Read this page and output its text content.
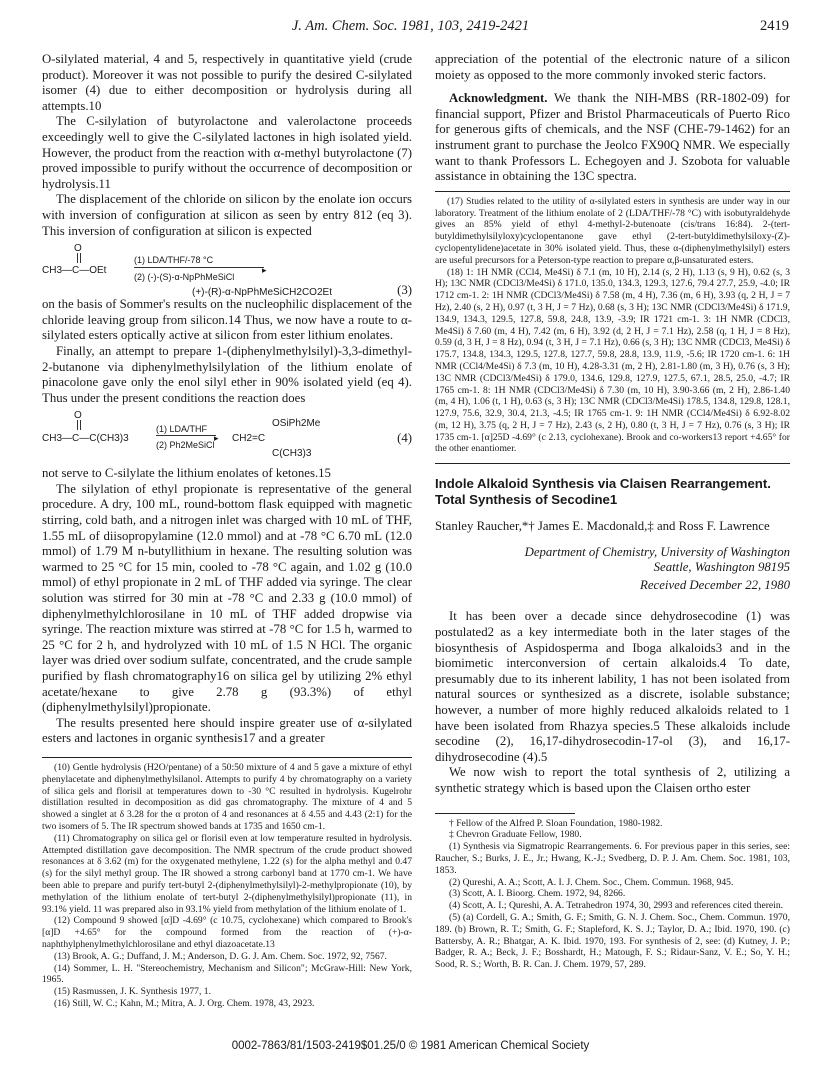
J. Am. Chem. Soc. 1981, 103, 2419-2421	2419

O-silylated material, 4 and 5, respectively in quantitative yield (crude product). Moreover it was not possible to purify the desired C-silylated isomer (4) due to either decomposition or hydrolysis during all attempts.10

The C-silylation of butyrolactone and valerolactone proceeds exceedingly well to give the C-silylated lactones in high isolated yield. However, the product from the reaction with α-methyl butyrolactone (7) proved impossible to purify without the occurrence of decomposition or hydrolysis.11

The displacement of the chloride on silicon by the enolate ion occurs with inversion of configuration at silicon as seen by entry 812 (eq 3). This inversion of configuration at silicon is expected

O
CH3—C—OEt
(1) LDA/THF/-78 °C
▸
(2) (-)-(S)-α-NpPhMeSiCl
(+)-(R)-α-NpPhMeSiCH2CO2Et	(3)

on the basis of Sommer's results on the nucleophilic displacement of the chloride leaving group from silicon.14 Thus, we now have a route to α-silylated esters optically active at silicon from ester lithium enolates.

Finally, an attempt to prepare 1-(diphenylmethylsilyl)-3,3-dimethyl-2-butanone via diphenylmethylsilylation of the lithium enolate of pinacolone gave only the enol silyl ether in 90% isolated yield (eq 4). Thus under the present conditions the reaction does

O
CH3—C—C(CH3)3
(1) LDA/THF
▸
(2) Ph2MeSiCl
CH2=C
OSiPh2Me
C(CH3)3
(4)

not serve to C-silylate the lithium enolates of ketones.15

The silylation of ethyl propionate is representative of the general procedure. A dry, 100 mL, round-bottom flask equipped with magnetic stirring, cold bath, and a nitrogen inlet was charged with 10 mL of THF, 1.55 mL of diisopropylamine (12.0 mmol) and at -78 °C 6.70 mL (12.0 mmol) of 1.79 M n-butyllithium in hexane. The resulting solution was warmed to 25 °C for 15 min, cooled to -78 °C again, and 1.02 g (10.0 mmol) of ethyl propionate in 2 mL of THF added via syringe. The clear solution was stirred for 30 min at -78 °C and 2.33 g (10.0 mmol) of diphenylmethylchlorosilane in 10 mL of THF added dropwise via syringe. The reaction mixture was stirred at -78 °C for 1.5 h, warmed to 25 °C for 2 h, and hydrolyzed with 10 mL of 1.5 N HCl. The organic layer was dried over sodium sulfate, concentrated, and the crude sample purified by flash chromatography16 on silica gel by utilizing 2% ethyl acetate/hexane to give 2.78 g (93.3%) of ethyl (diphenylmethylsilyl)propionate.

The results presented here should inspire greater use of α-silylated esters and lactones in organic synthesis17 and a greater

(10) Gentle hydrolysis (H2O/pentane) of a 50:50 mixture of 4 and 5 gave a mixture of ethyl phenylacetate and diphenylmethylsilanol. Attempts to purify 4 by chromatography on a variety of silica gels and florisil at temperatures down to -30 °C resulted in hydrolysis. Kugelrohr distillation resulted in decomposition as did gas chromatography. The mixture of 4 and 5 showed a singlet at δ 3.28 for the α proton of 4 and resonances at δ 4.55 and 4.43 (2:1) for the two isomers of 5. The IR spectrum showed bands at 1735 and 1650 cm-1.

(11) Chromatography on silica gel or florisil even at low temperature resulted in hydrolysis. Attempted distillation gave decomposition. The NMR spectrum of the crude product showed resonances at δ 3.62 (m) for the oxygenated methylene, 1.22 (s) for the alpha methyl and 0.47 (s) for the silyl methyl group. The IR showed a strong carbonyl band at 1770 cm-1. We have been able to prepare and purify tert-butyl 2-(diphenylmethylsilyl)-2-methylpropionate (10), by methylation of the lithium enolate of tert-butyl 2-(diphenylmethylsilyl)propionate (11), in 93.1% yield. 11 was prepared also in 93.1% yield from methylation of the lithium enolate of 1.

(12) Compound 9 showed [α]D -4.69° (c 10.75, cyclohexane) which compared to Brook's [α]D +4.65° for the compound formed from the reaction of (+)-α-naphthylphenylmethylchlorosilane and ethyl diazoacetate.13

(13) Brook, A. G.; Duffand, J. M.; Anderson, D. G. J. Am. Chem. Soc. 1972, 92, 7567.

(14) Sommer, L. H. "Stereochemistry, Mechanism and Silicon"; McGraw-Hill: New York, 1965.

(15) Rasmussen, J. K. Synthesis 1977, 1.

(16) Still, W. C.; Kahn, M.; Mitra, A. J. Org. Chem. 1978, 43, 2923.

appreciation of the potential of the electronic nature of a silicon moiety as opposed to the more commonly invoked steric factors.

Acknowledgment. We thank the NIH-MBS (RR-1802-09) for financial support, Pfizer and Bristol Pharmaceuticals of Puerto Rico for generous gifts of chemicals, and the NSF (CHE-79-1462) for an instrument grant to purchase the Jeolco FX90Q NMR. We especially want to thank Professors L. Echegoyen and J. Szobota for valuable assistance in obtaining the 13C spectra.

(17) Studies related to the utility of α-silylated esters in synthesis are under way in our laboratory. Treatment of the lithium enolate of 2 (LDA/THF/-78 °C) with isobutyraldehyde gives an 85% yield of ethyl 4-methyl-2-butenoate (cis/trans 16:84). 2-(tert-butyldimethylsilyloxy)cyclopentanone gave ethyl (2-tert-butyldimethylsiloxy-(Z)-cyclopentylidene)acetate in 30% isolated yield. Thus, these α-(diphenylmethylsilyl) esters are useful precursors for a Peterson-type reaction to prepare α,β-unsaturated esters.

(18) 1: 1H NMR (CCl4, Me4Si) δ 7.1 (m, 10 H), 2.14 (s, 2 H), 1.13 (s, 9 H), 0.62 (s, 3 H); 13C NMR (CDCl3/Me4Si) δ 171.0, 135.0, 134.3, 129.3, 127.6, 79.4 27.7, 25.9, -4.0; IR 1712 cm-1. 2: 1H NMR (CDCl3/Me4Si) δ 7.58 (m, 4 H), 7.36 (m, 6 H), 3.93 (q, 2 H, J = 7 Hz), 2.40 (s, 2 H), 0.97 (t, 3 H, J = 7 Hz), 0.68 (s, 3 H); 13C NMR (CDCl3/Me4Si) δ 171.9, 134.9, 134.3, 129.5, 127.8, 59.8, 24.8, 13.9, -3.9; IR 1721 cm-1. 3: 1H NMR (CDCl3, Me4Si) δ 7.60 (m, 4 H), 7.42 (m, 6 H), 3.92 (d, 2 H, J = 7.1 Hz), 2.58 (q, 1 H, J = 8 Hz), 0.59 (d, 3 H, J = 8 Hz), 0.94 (t, 3 H, J = 7.1 Hz), 0.66 (s, 3 H); 13C NMR (CDCl3, Me4Si) δ 175.7, 134.8, 134.3, 129.5, 127.8, 127.7, 59.8, 28.8, 13.9, 11.9, -5.6; IR 1720 cm-1. 6: 1H NMR (CCl4/Me4Si) δ 7.3 (m, 10 H), 4.28-3.31 (m, 2 H), 2.81-1.80 (m, 3 H), 0.76 (s, 3 H); 13C NMR (CDCl3/Me4Si) δ 179.0, 134.6, 129.8, 127.9, 127.5, 67.1, 28.5, 25.0, -4.7; IR 1765 cm-1. 8: 1H NMR (CDCl3/Me4Si) δ 7.30 (m, 10 H), 3.90-3.66 (m, 2 H), 2.86-1.40 (m, 4 H), 1.06 (t, 1 H), 0.63 (s, 3 H); 13C NMR (CDCl3/Me4Si) 178.5, 134.8, 129.8, 128.1, 127.9, 75.6, 32.9, 30.4, 21.3, -4.5; IR 1765 cm-1. 9: 1H NMR (CCl4/Me4Si) δ 6.92-8.02 (m, 12 H), 3.75 (q, 2 H, J = 7 Hz), 2.43 (s, 2 H), 0.80 (t, 3 H, J = 7 Hz), 0.76 (s, 3 H); IR 1735 cm-1. [α]25D -4.69° (c 2.13, cyclohexane). Brook and co-workers13 report +4.65° for the other enantiomer.

Indole Alkaloid Synthesis via Claisen Rearrangement. Total Synthesis of Secodine1
Stanley Raucher,*† James E. Macdonald,‡ and Ross F. Lawrence
Department of Chemistry, University of Washington
Seattle, Washington 98195
Received December 22, 1980

It has been over a decade since dehydrosecodine (1) was postulated2 as a key intermediate both in the later stages of the biosynthesis of Aspidosperma and Iboga alkaloids3 and in the biomimetic interconversion of certain alkaloids.4 To date, presumably due to its inherent lability, 1 has not been isolated from natural sources or synthesized as a discrete, isolable substance; however, a number of more highly reduced alkaloids related to 1 have been isolated from Rhazya species.5 These alkaloids include secodine (2), 16,17-dihydrosecodin-17-ol (3), and 16,17-dihydrosecodine (4).5

We now wish to report the total synthesis of 2, utilizing a synthetic strategy which is based upon the Claisen ortho ester

† Fellow of the Alfred P. Sloan Foundation, 1980-1982.

‡ Chevron Graduate Fellow, 1980.

(1) Synthesis via Sigmatropic Rearrangements. 6. For previous paper in this series, see: Raucher, S.; Burks, J. E., Jr.; Hwang, K.-J.; Svedberg, D. P. J. Am. Chem. Soc. 1981, 103, 1853.

(2) Qureshi, A. A.; Scott, A. I. J. Chem. Soc., Chem. Commun. 1968, 945.

(3) Scott, A. I. Bioorg. Chem. 1972, 94, 8266.

(4) Scott, A. I.; Qureshi, A. A. Tetrahedron 1974, 30, 2993 and references cited therein.

(5) (a) Cordell, G. A.; Smith, G. F.; Smith, G. N. J. Chem. Soc., Chem. Commun. 1970, 189. (b) Brown, R. T.; Smith, G. F.; Stapleford, K. S. J.; Taylor, D. A.; Ibid. 1970, 190. (c) Battersby, A. R.; Bhatgar, A. K. Ibid. 1970, 193. For synthesis of 2, see: (d) Kutney, J. P.; Badger, R. A.; Beck, J. F.; Bosshardt, H.; Matough, F. S.; Ridaur-Sanz, V. E.; So, Y. H.; Sood, R. S.; Worth, B. R. Can. J. Chem. 1979, 57, 289.

0002-7863/81/1503-2419$01.25/0 © 1981 American Chemical Society
